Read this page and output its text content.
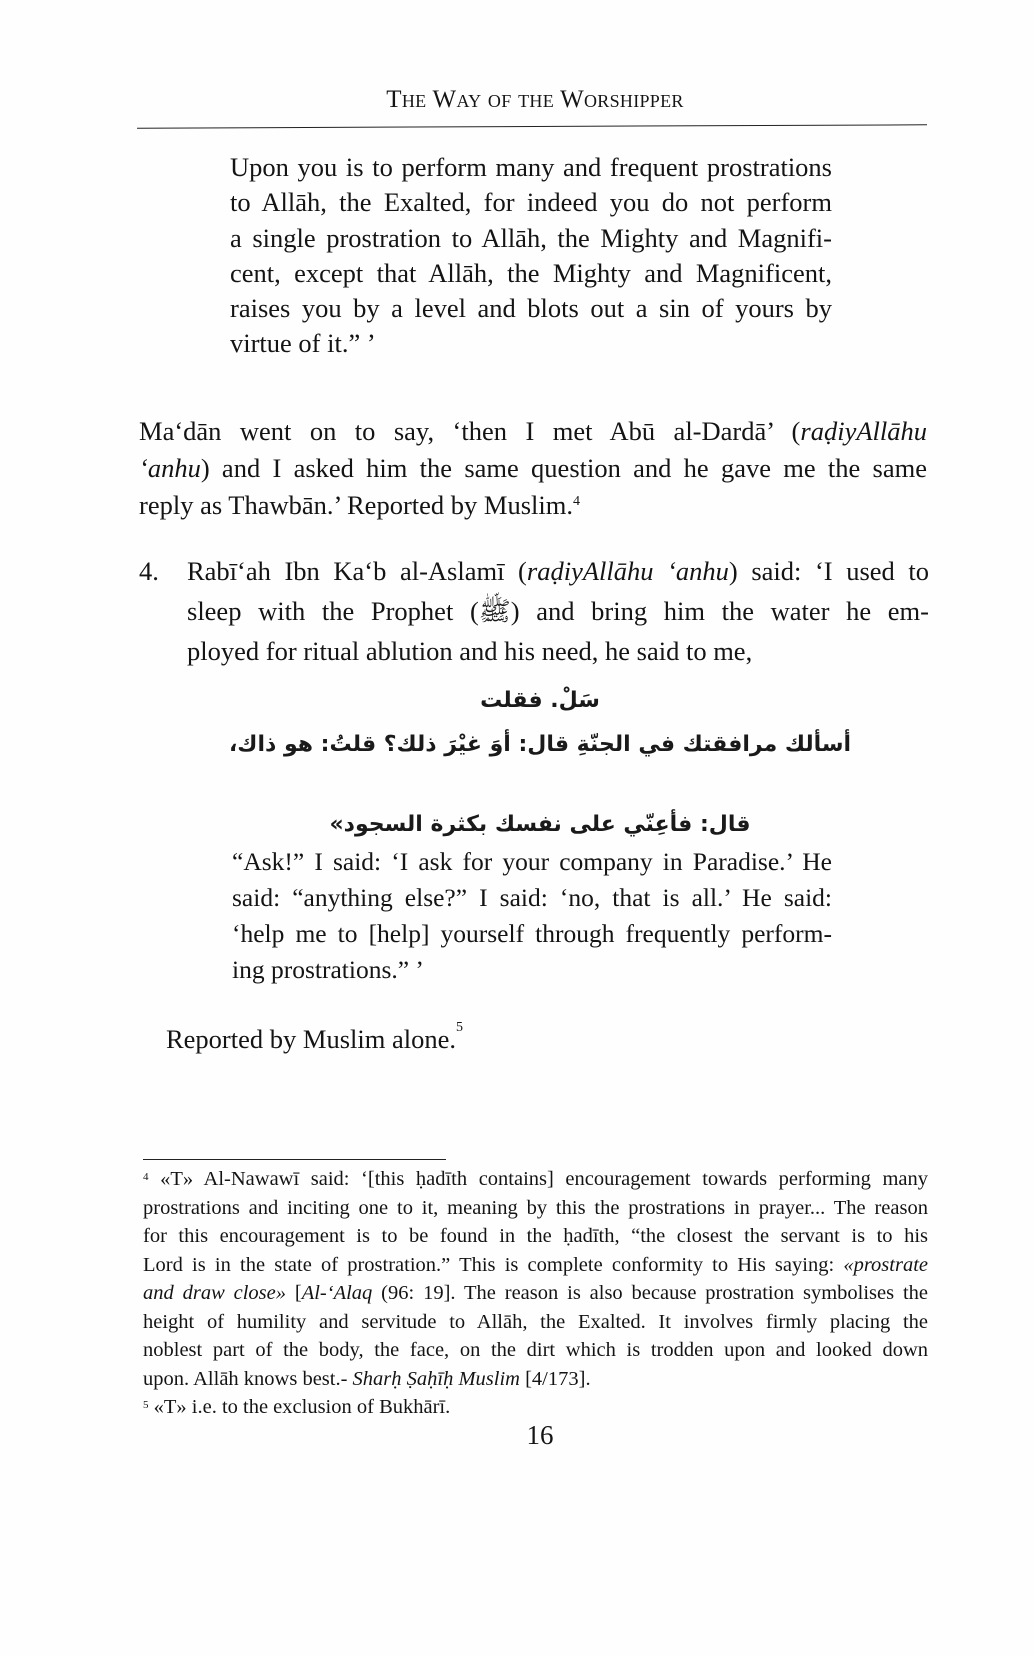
The Way of the Worshipper
Upon you is to perform many and frequent prostrations
to Allāh, the Exalted, for indeed you do not perform
a single prostration to Allāh, the Mighty and Magnifi-
cent, except that Allāh, the Mighty and Magnificent,
raises you by a level and blots out a sin of yours by
virtue of it.” ’
Ma‘dān went on to say, ‘then I met Abū al-Dardā’ (raḍiyAllāhu
‘anhu) and I asked him the same question and he gave me the same
reply as Thawbān.’ Reported by Muslim.$^4$
4. Rabī‘ah Ibn Ka‘b al-Aslamī (raḍiyAllāhu ‘anhu) said: ‘I used to
sleep with the Prophet (ﷺ) and bring him the water he em-
ployed for ritual ablution and his need, he said to me,
سَلْ. فقلت
أسألك مرافقتك في الجنّةِ قال: أوَ غيْرَ ذلك؟ قلتُ: هو ذاك،
قال: فأعِنّي على نفسك بكثرة السجود»
“Ask!” I said: ‘I ask for your company in Paradise.’ He
said: “anything else?” I said: ‘no, that is all.’ He said:
‘help me to [help] yourself through frequently perform-
ing prostrations.” ’
Reported by Muslim alone.$^5$
$^4$ «T» Al-Nawawī said: ‘[this ḥadīth contains] encouragement towards performing many
prostrations and inciting one to it, meaning by this the prostrations in prayer... The reason
for this encouragement is to be found in the ḥadīth, “the closest the servant is to his
Lord is in the state of prostration.” This is complete conformity to His saying: «prostrate
and draw close» [Al-‘Alaq (96: 19]. The reason is also because prostration symbolises the
height of humility and servitude to Allāh, the Exalted. It involves firmly placing the
noblest part of the body, the face, on the dirt which is trodden upon and looked down
upon. Allāh knows best.- Sharḥ Ṣaḥīḥ Muslim [4/173].
$^5$ «T» i.e. to the exclusion of Bukhārī.
16
